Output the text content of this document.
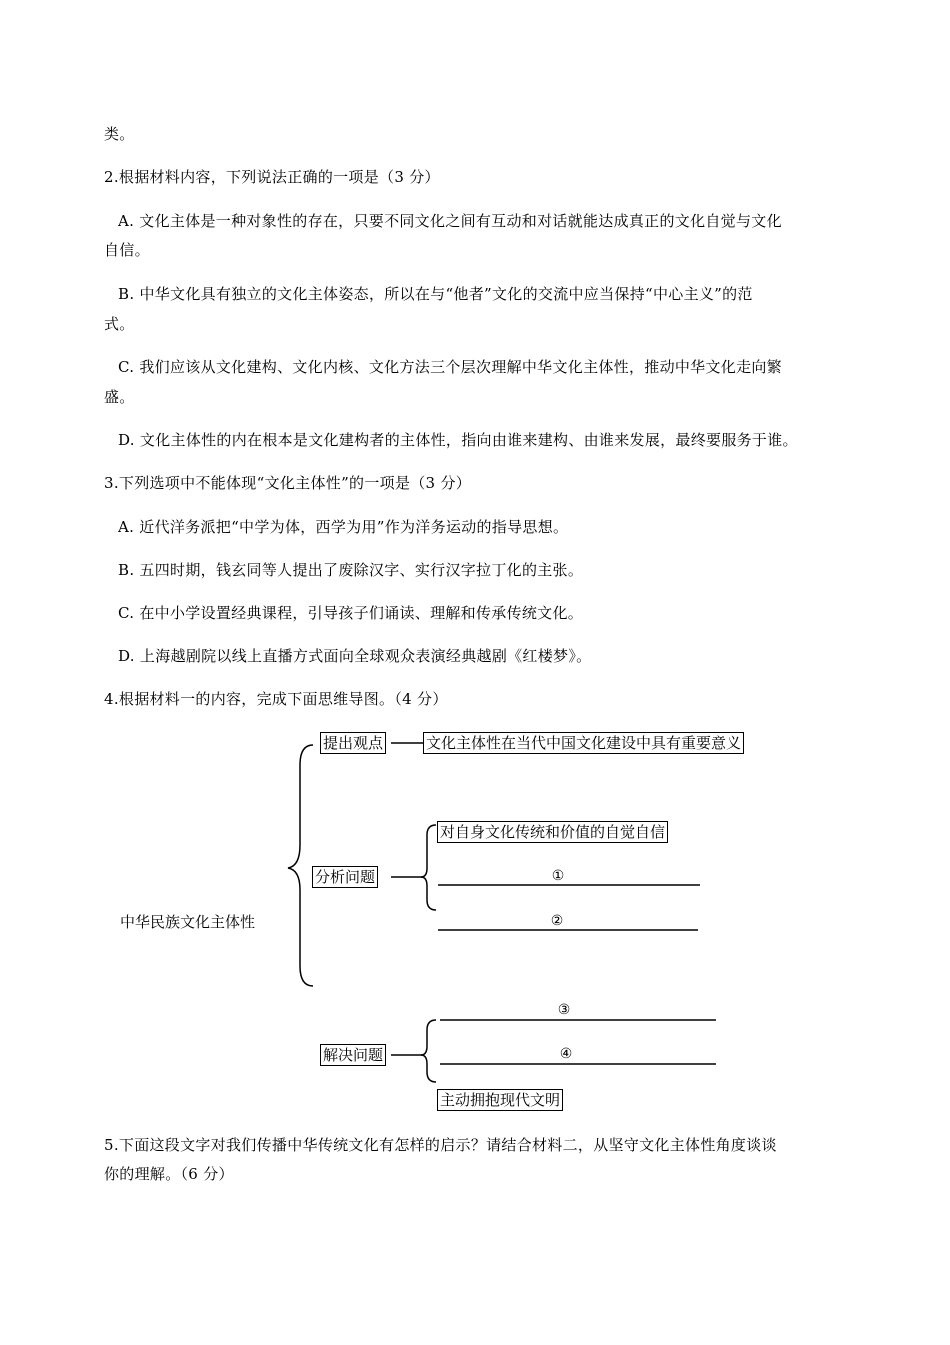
类。
2.根据材料内容，下列说法正确的一项是（3 分）
A. 文化主体是一种对象性的存在，只要不同文化之间有互动和对话就能达成真正的文化自觉与文化
自信。
B. 中华文化具有独立的文化主体姿态，所以在与“他者”文化的交流中应当保持“中心主义”的范
式。
C. 我们应该从文化建构、文化内核、文化方法三个层次理解中华文化主体性，推动中华文化走向繁
盛。
D. 文化主体性的内在根本是文化建构者的主体性，指向由谁来建构、由谁来发展，最终要服务于谁。
3.下列选项中不能体现“文化主体性”的一项是（3 分）
A. 近代洋务派把“中学为体，西学为用”作为洋务运动的指导思想。
B. 五四时期，钱玄同等人提出了废除汉字、实行汉字拉丁化的主张。
C. 在中小学设置经典课程，引导孩子们诵读、理解和传承传统文化。
D. 上海越剧院以线上直播方式面向全球观众表演经典越剧《红楼梦》。
4.根据材料一的内容，完成下面思维导图。（4 分）
提出观点	文化主体性在当代中国文化建设中具有重要意义
中华民族文化主体性
分析问题
对自身文化传统和价值的自觉自信
①
②
③
④
解决问题
主动拥抱现代文明
5.下面这段文字对我们传播中华传统文化有怎样的启示？请结合材料二，从坚守文化主体性角度谈谈
你的理解。（6 分）
